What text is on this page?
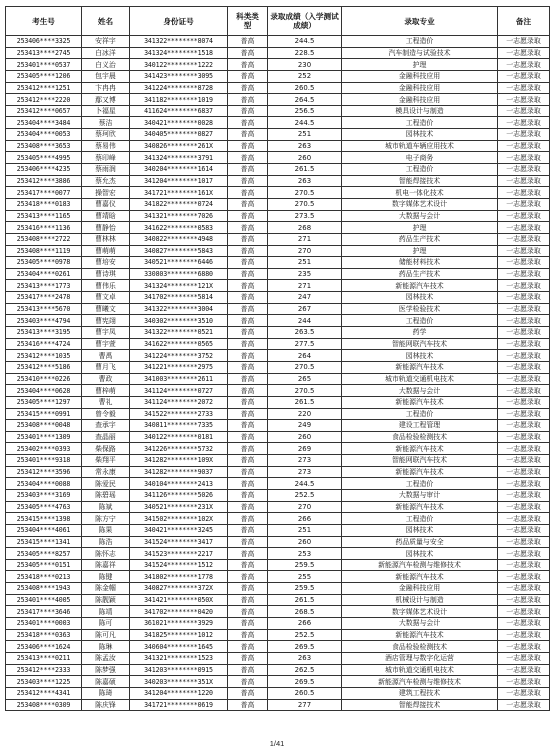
考生号	姓名	身份证号	科类类型	录取成绩（入学测试成绩）	录取专业	备注
253406****3325	安祥宇	341322********8074	普高	244.5	工程造价	一志愿录取
253413****2745	白冰洋	341324********1518	普高	228.5	汽车制造与试验技术	一志愿录取
253401****0537	白义治	340122********1222	普高	230	护理	一志愿录取
253405****1206	包宇晨	341423********3095	普高	252	金融科技应用	一志愿录取
253412****1251	卞冉冉	341224********8728	普高	260.5	金融科技应用	一志愿录取
253412****2220	鄢又博	341182********1019	普高	264.5	金融科技应用	一志愿录取
253412****0657	卜福星	411624********6837	普高	256.5	模具设计与制造	一志愿录取
253404****3484	蔡洁	340421********0028	普高	244.5	工程造价	一志愿录取
253404****0053	蔡珂欣	340405********0827	普高	251	园林技术	一志愿录取
253408****3653	蔡易伟	340826********261X	普高	263	城市轨道车辆应用技术	一志愿录取
253405****4995	蔡印峰	341324********3791	普高	260	电子商务	一志愿录取
253406****4235	蔡雨润	340204********1614	普高	261.5	工程造价	一志愿录取
253412****3886	蔡允杰	341204********1017	普高	263	智能焊接技术	一志愿录取
253417****0077	操智宏	341721********161X	普高	270.5	机电一体化技术	一志愿录取
253418****0183	曹嘉仪	341822********0724	普高	270.5	数字媒体艺术设计	一志愿录取
253413****1165	曹靖晗	341321********7026	普高	273.5	大数据与会计	一志愿录取
253416****1136	曹静怡	341622********0583	普高	268	护理	一志愿录取
253408****2722	曹林林	340822********4948	普高	271	药品生产技术	一志愿录取
253408****1119	曹萌萌	340827********5843	普高	270	护理	一志愿录取
253405****0978	曹培安	340521********6446	普高	251	储能材料技术	一志愿录取
253404****0261	曹诗琪	330803********6880	普高	235	药品生产技术	一志愿录取
253413****1773	曹伟乐	341324********121X	普高	271	新能源汽车技术	一志愿录取
253417****2478	曹文卓	341702********5814	普高	247	园林技术	一志愿录取
253413****5670	曹曦文	341322********3004	普高	267	医学检验技术	一志愿录取
253403****4794	曹宪翊	340302********3510	普高	244	工程造价	一志愿录取
253413****3195	曹宇凤	341322********0521	普高	263.5	药学	一志愿录取
253416****4724	曹宇萱	341622********0565	普高	277.5	智能网联汽车技术	一志愿录取
253412****1035	曹禹	341224********3752	普高	264	园林技术	一志愿录取
253412****5186	曹月飞	341221********2975	普高	270.5	新能源汽车技术	一志愿录取
253410****0226	曹政	341003********2611	普高	265	城市轨道交通机电技术	一志愿录取
253404****0628	曹梓萌	341124********0727	普高	270.5	大数据与会计	一志愿录取
253405****1297	曹礼	341124********2072	普高	261.5	新能源汽车技术	一志愿录取
253415****0991	曾令毅	341522********2733	普高	220	工程造价	一志愿录取
253408****0048	查承宇	340811********7335	普高	249	建设工程管理	一志愿录取
253401****1309	查晶丽	340122********0181	普高	260	食品检验检测技术	一志愿录取
253402****0393	柴保路	341226********5732	普高	269	新能源汽车技术	一志愿录取
253401****9318	柴翔平	341282********109X	普高	273	智能网联汽车技术	一志愿录取
253412****3596	常永康	341282********9037	普高	273	新能源汽车技术	一志愿录取
253404****0088	陈爱民	340104********2413	普高	244.5	工程造价	一志愿录取
253403****3169	陈碧瑶	341126********5026	普高	252.5	大数据与审计	一志愿录取
253405****4763	陈斌	340521********231X	普高	270	新能源汽车技术	一志愿录取
253415****1398	陈方宁	341502********102X	普高	266	工程造价	一志愿录取
253404****4061	陈果	340421********3245	普高	251	园林技术	一志愿录取
253415****1341	陈浩	341524********3417	普高	260	药品质量与安全	一志愿录取
253405****8257	陈怀志	341523********2217	普高	253	园林技术	一志愿录取
253405****0151	陈嘉祥	341524********1512	普高	259.5	新能源汽车检测与维修技术	一志愿录取
253418****0213	陈键	341802********1778	普高	255	新能源汽车技术	一志愿录取
253408****1943	陈金帼	340827********372X	普高	259.5	金融科技应用	一志愿录取
253401****4005	陈靓颖	341421********050X	普高	261.5	机械设计与制造	一志愿录取
253417****3646	陈靖	341702********0420	普高	268.5	数字媒体艺术设计	一志愿录取
253401****0003	陈可	361021********3929	普高	266	大数据与会计	一志愿录取
253418****0363	陈可凡	341825********1012	普高	252.5	新能源汽车技术	一志愿录取
253406****1624	陈琳	340604********1645	普高	269.5	食品检验检测技术	一志愿录取
253413****0211	陈孟汝	341321********1523	普高	263	酒店管理与数字化运营	一志愿录取
253412****2333	陈梦强	341203********0915	普高	262.5	城市轨道交通机电技术	一志愿录取
253403****1225	陈嘉硕	340203********351X	普高	269.5	新能源汽车检测与维修技术	一志愿录取
253412****4341	陈琦	341204********1220	普高	260.5	建筑工程技术	一志愿录取
253408****0309	陈庆锋	341721********0619	普高	277	智能焊接技术	一志愿录取
1/41
